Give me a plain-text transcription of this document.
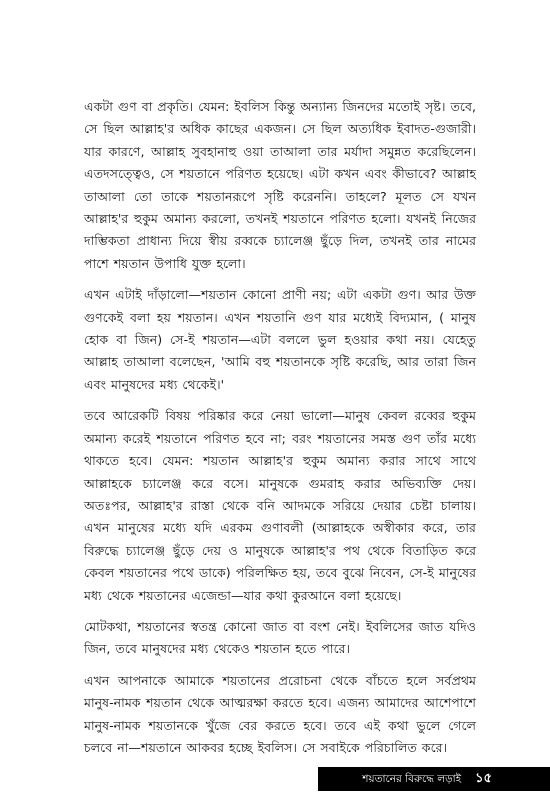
একটা গুণ বা প্রকৃতি। যেমন: ইবলিস কিন্তু অন্যান্য জিনদের মতোই সৃষ্ট। তবে, সে ছিল আল্লাহ'র অধিক কাছের একজন। সে ছিল অত্যধিক ইবাদত-গুজারী। যার কারণে, আল্লাহ সুবহানাহু ওয়া তাআলা তার মর্যাদা সমুন্নত করেছিলেন। এতদসত্ত্বেও, সে শয়তানে পরিণত হয়েছে। এটা কখন এবং কীভাবে? আল্লাহ তাআলা তো তাকে শয়তানরূপে সৃষ্টি করেননি। তাহলে? মূলত সে যখন আল্লাহ'র হুকুম অমান্য করলো, তখনই শয়তানে পরিণত হলো। যখনই নিজের দাম্ভিকতা প্রাধান্য দিয়ে স্বীয় রব্বকে চ্যালেঞ্জ ছুঁড়ে দিল, তখনই তার নামের পাশে শয়তান উপাধি যুক্ত হলো।

এখন এটাই দাঁড়ালো—শয়তান কোনো প্রাণী নয়; এটা একটা গুণ। আর উক্ত গুণকেই বলা হয় শয়তান। এখন শয়তানি গুণ যার মধ্যেই বিদ্যমান, ( মানুষ হোক বা জিন) সে-ই শয়তান—এটা বললে ভুল হওয়ার কথা নয়। যেহেতু আল্লাহ তাআলা বলেছেন, 'আমি বহু শয়তানকে সৃষ্টি করেছি, আর তারা জিন এবং মানুষদের মধ্য থেকেই।'

তবে আরেকটি বিষয় পরিষ্কার করে নেয়া ভালো—মানুষ কেবল রব্বের হুকুম অমান্য করেই শয়তানে পরিণত হবে না; বরং শয়তানের সমস্ত গুণ তাঁর মধ্যে থাকতে হবে। যেমন: শয়তান আল্লাহ'র হুকুম অমান্য করার সাথে সাথে আল্লাহকে চ্যালেঞ্জ করে বসে। মানুষকে গুমরাহ করার অভিব্যক্তি দেয়। অতঃপর, আল্লাহ'র রাস্তা থেকে বনি আদমকে সরিয়ে দেয়ার চেষ্টা চালায়। এখন মানুষের মধ্যে যদি এরকম গুণাবলী (আল্লাহকে অস্বীকার করে, তার বিরুদ্ধে চ্যালেঞ্জ ছুঁড়ে দেয় ও মানুষকে আল্লাহ'র পথ থেকে বিতাড়িত করে কেবল শয়তানের পথে ডাকে) পরিলক্ষিত হয়, তবে বুঝে নিবেন, সে-ই মানুষের মধ্য থেকে শয়তানের এজেন্ডা—যার কথা কুরআনে বলা হয়েছে।

মোটকথা, শয়তানের স্বতন্ত্র কোনো জাত বা বংশ নেই। ইবলিসের জাত যদিও জিন, তবে মানুষদের মধ্য থেকেও শয়তান হতে পারে।

এখন আপনাকে আমাকে শয়তানের প্ররোচনা থেকে বাঁচতে হলে সর্বপ্রথম মানুষ-নামক শয়তান থেকে আত্মরক্ষা করতে হবে। এজন্য আমাদের আশেপাশে মানুষ-নামক শয়তানকে খুঁজে বের করতে হবে। তবে এই কথা ভুলে গেলে চলবে না—শয়তানে আকবর হচ্ছে ইবলিস। সে সবাইকে পরিচালিত করে।

শয়তানের বিরুদ্ধে লড়াই ১৫
